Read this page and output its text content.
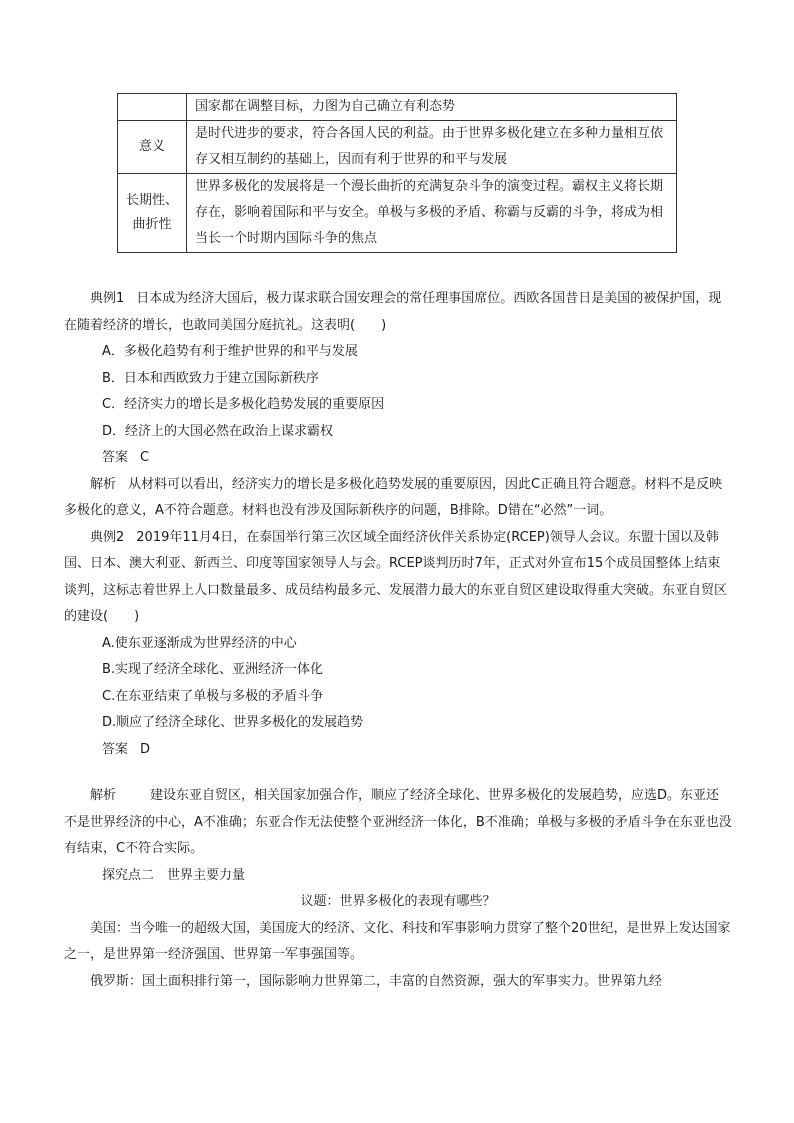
	国家都在调整目标，力图为自己确立有利态势
意义	是时代进步的要求，符合各国人民的利益。由于世界多极化建立在多种力量相互依存又相互制约的基础上，因而有利于世界的和平与发展
长期性、曲折性	世界多极化的发展将是一个漫长曲折的充满复杂斗争的演变过程。霸权主义将长期存在，影响着国际和平与安全。单极与多极的矛盾、称霸与反霸的斗争，将成为相当长一个时期内国际斗争的焦点

典例1 日本成为经济大国后，极力谋求联合国安理会的常任理事国席位。西欧各国昔日是美国的被保护国，现在随着经济的增长，也敢同美国分庭抗礼。这表明(　　)

A．多极化趋势有利于维护世界的和平与发展

B．日本和西欧致力于建立国际新秩序

C．经济实力的增长是多极化趋势发展的重要原因

D．经济上的大国必然在政治上谋求霸权

答案 C

解析 从材料可以看出，经济实力的增长是多极化趋势发展的重要原因，因此C正确且符合题意。材料不是反映多极化的意义，A不符合题意。材料也没有涉及国际新秩序的问题，B排除。D错在“必然”一词。

典例2 2019年11月4日，在泰国举行第三次区域全面经济伙伴关系协定(RCEP)领导人会议。东盟十国以及韩国、日本、澳大利亚、新西兰、印度等国家领导人与会。RCEP谈判历时7年，正式对外宣布15个成员国整体上结束谈判，这标志着世界上人口数量最多、成员结构最多元、发展潜力最大的东亚自贸区建设取得重大突破。东亚自贸区的建设(　　)

A.使东亚逐渐成为世界经济的中心

B.实现了经济全球化、亚洲经济一体化

C.在东亚结束了单极与多极的矛盾斗争

D.顺应了经济全球化、世界多极化的发展趋势

答案 D

解析	建设东亚自贸区，相关国家加强合作，顺应了经济全球化、世界多极化的发展趋势，应选D。东亚还不是世界经济的中心，A不准确；东亚合作无法使整个亚洲经济一体化，B不准确；单极与多极的矛盾斗争在东亚也没有结束，C不符合实际。

探究点二　世界主要力量

议题：世界多极化的表现有哪些？

美国：当今唯一的超级大国，美国庞大的经济、文化、科技和军事影响力贯穿了整个20世纪，是世界上发达国家之一，是世界第一经济强国、世界第一军事强国等。

俄罗斯：国土面积排行第一，国际影响力世界第二，丰富的自然资源，强大的军事实力。世界第九经
